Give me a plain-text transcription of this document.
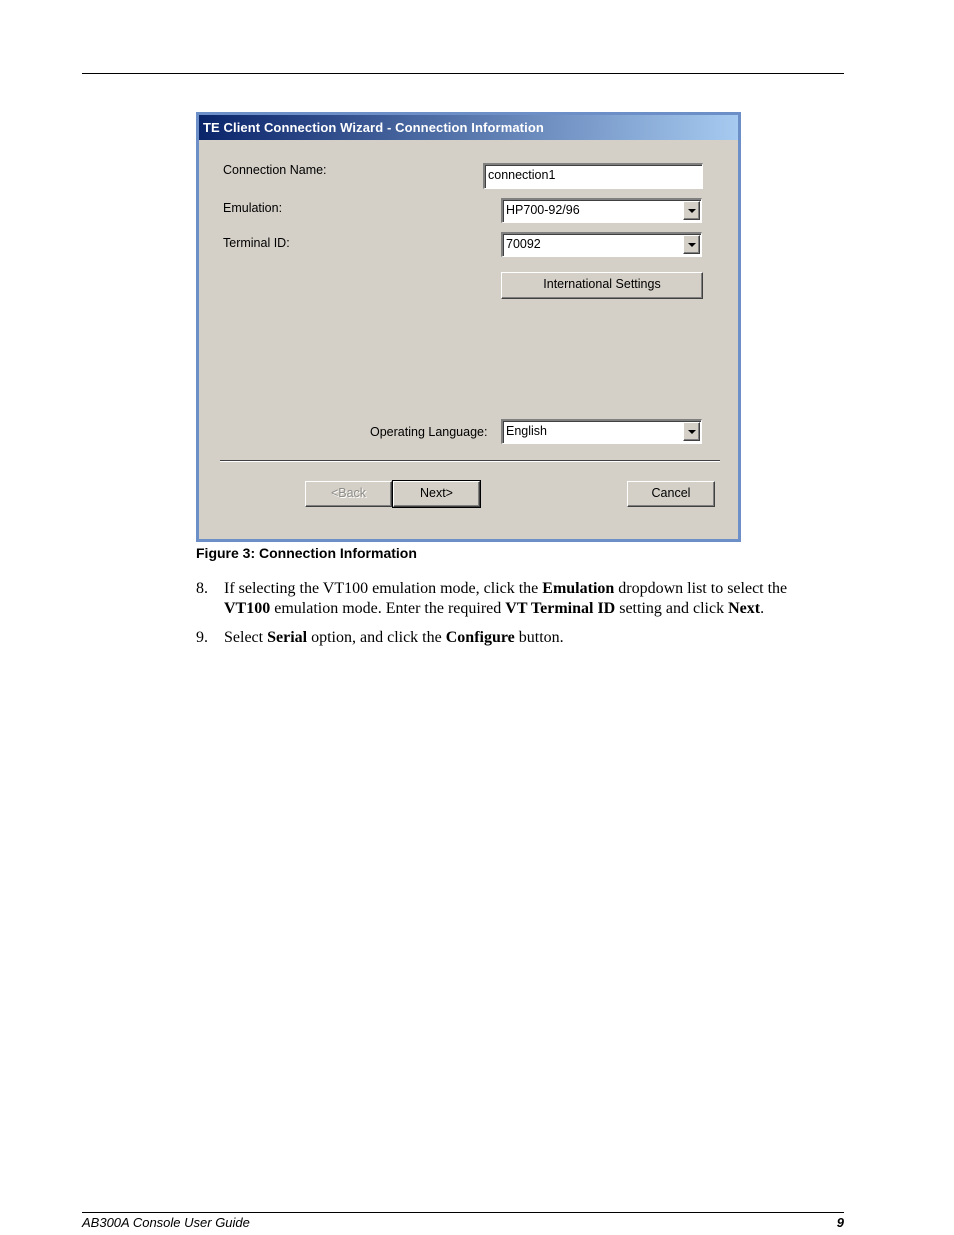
TE Client Connection Wizard - Connection Information
Connection Name:	connection1
Emulation:	HP700-92/96
Terminal ID:	70092
International Settings
Operating Language: English
<Back	Next>	Cancel
Figure 3: Connection Information
8. If selecting the VT100 emulation mode, click the Emulation dropdown list to select the VT100 emulation mode. Enter the required VT Terminal ID setting and click Next.
9. Select Serial option, and click the Configure button.
AB300A Console User Guide	9
